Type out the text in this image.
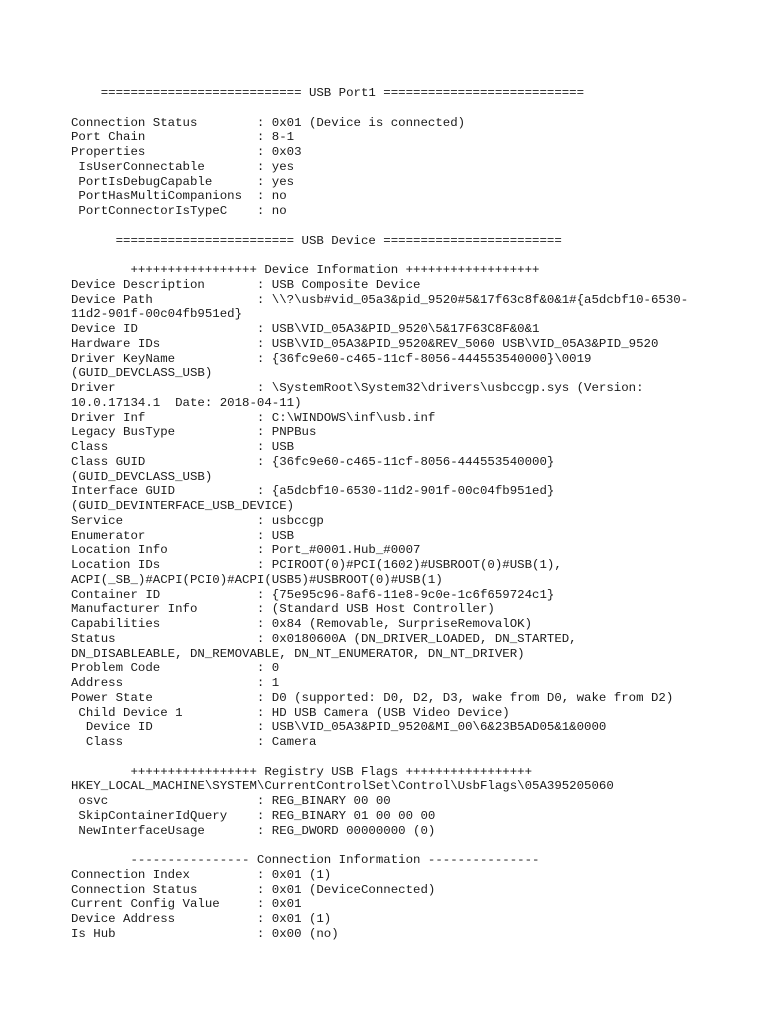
=========================== USB Port1 ===========================
Connection Status        : 0x01 (Device is connected)
Port Chain               : 8-1
Properties               : 0x03
IsUserConnectable       : yes
PortIsDebugCapable      : yes
PortHasMultiCompanions  : no
PortConnectorIsTypeC    : no
======================== USB Device ========================
+++++++++++++++++ Device Information ++++++++++++++++++
Device Description       : USB Composite Device
Device Path              : \\?\usb#vid_05a3&pid_9520#5&17f63c8f&0&1#{a5dcbf10-6530-
11d2-901f-00c04fb951ed}
Device ID                : USB\VID_05A3&PID_9520\5&17F63C8F&0&1
Hardware IDs             : USB\VID_05A3&PID_9520&REV_5060 USB\VID_05A3&PID_9520
Driver KeyName           : {36fc9e60-c465-11cf-8056-444553540000}\0019
(GUID_DEVCLASS_USB)
Driver                   : \SystemRoot\System32\drivers\usbccgp.sys (Version:
10.0.17134.1  Date: 2018-04-11)
Driver Inf               : C:\WINDOWS\inf\usb.inf
Legacy BusType           : PNPBus
Class                    : USB
Class GUID               : {36fc9e60-c465-11cf-8056-444553540000}
(GUID_DEVCLASS_USB)
Interface GUID           : {a5dcbf10-6530-11d2-901f-00c04fb951ed}
(GUID_DEVINTERFACE_USB_DEVICE)
Service                  : usbccgp
Enumerator               : USB
Location Info            : Port_#0001.Hub_#0007
Location IDs             : PCIROOT(0)#PCI(1602)#USBROOT(0)#USB(1),
ACPI(_SB_)#ACPI(PCI0)#ACPI(USB5)#USBROOT(0)#USB(1)
Container ID             : {75e95c96-8af6-11e8-9c0e-1c6f659724c1}
Manufacturer Info        : (Standard USB Host Controller)
Capabilities             : 0x84 (Removable, SurpriseRemovalOK)
Status                   : 0x0180600A (DN_DRIVER_LOADED, DN_STARTED,
DN_DISABLEABLE, DN_REMOVABLE, DN_NT_ENUMERATOR, DN_NT_DRIVER)
Problem Code             : 0
Address                  : 1
Power State              : D0 (supported: D0, D2, D3, wake from D0, wake from D2)
Child Device 1          : HD USB Camera (USB Video Device)
Device ID              : USB\VID_05A3&PID_9520&MI_00\6&23B5AD05&1&0000
Class                  : Camera
+++++++++++++++++ Registry USB Flags +++++++++++++++++
HKEY_LOCAL_MACHINE\SYSTEM\CurrentControlSet\Control\UsbFlags\05A395205060
osvc                    : REG_BINARY 00 00
SkipContainerIdQuery    : REG_BINARY 01 00 00 00
NewInterfaceUsage       : REG_DWORD 00000000 (0)
---------------- Connection Information ---------------
Connection Index         : 0x01 (1)
Connection Status        : 0x01 (DeviceConnected)
Current Config Value     : 0x01
Device Address           : 0x01 (1)
Is Hub                   : 0x00 (no)
